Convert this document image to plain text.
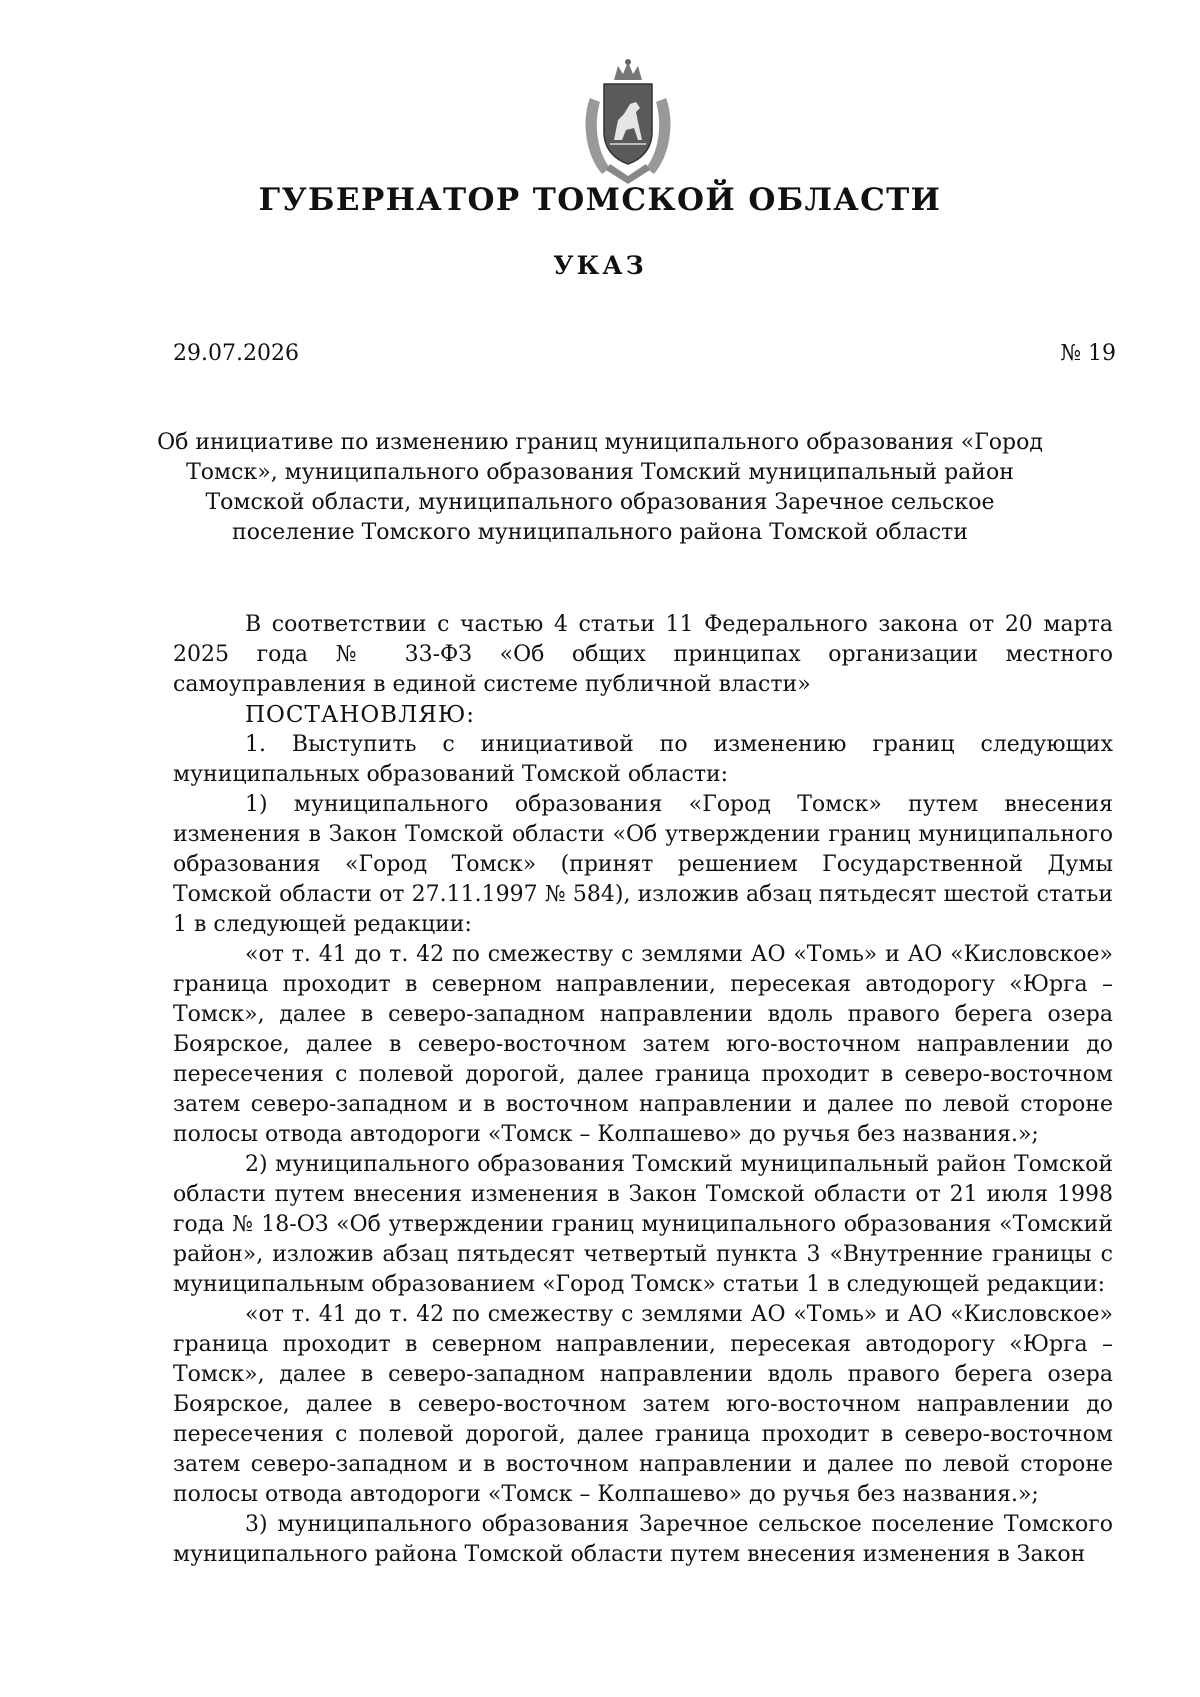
ГУБЕРНАТОР ТОМСКОЙ ОБЛАСТИ
УКАЗ
29.07.2026	№ 19
Об инициативе по изменению границ муниципального образования «Город Томск», муниципального образования Томский муниципальный район Томской области, муниципального образования Заречное сельское поселение Томского муниципального района Томской области

В соответствии с частью 4 статьи 11 Федерального закона от 20 марта 2025 года № 33-ФЗ «Об общих принципах организации местного самоуправления в единой системе публичной власти»

ПОСТАНОВЛЯЮ:

1. Выступить с инициативой по изменению границ следующих муниципальных образований Томской области:

1) муниципального образования «Город Томск» путем внесения изменения в Закон Томской области «Об утверждении границ муниципального образования «Город Томск» (принят решением Государственной Думы Томской области от 27.11.1997 № 584), изложив абзац пятьдесят шестой статьи 1 в следующей редакции:

«от т. 41 до т. 42 по смежеству с землями АО «Томь» и АО «Кисловское» граница проходит в северном направлении, пересекая автодорогу «Юрга – Томск», далее в северо-западном направлении вдоль правого берега озера Боярское, далее в северо-восточном затем юго-восточном направлении до пересечения с полевой дорогой, далее граница проходит в северо-восточном затем северо-западном и в восточном направлении и далее по левой стороне полосы отвода автодороги «Томск – Колпашево» до ручья без названия.»;

2) муниципального образования Томский муниципальный район Томской области путем внесения изменения в Закон Томской области от 21 июля 1998 года № 18-ОЗ «Об утверждении границ муниципального образования «Томский район», изложив абзац пятьдесят четвертый пункта 3 «Внутренние границы с муниципальным образованием «Город Томск» статьи 1 в следующей редакции:

«от т. 41 до т. 42 по смежеству с землями АО «Томь» и АО «Кисловское» граница проходит в северном направлении, пересекая автодорогу «Юрга – Томск», далее в северо-западном направлении вдоль правого берега озера Боярское, далее в северо-восточном затем юго-восточном направлении до пересечения с полевой дорогой, далее граница проходит в северо-восточном затем северо-западном и в восточном направлении и далее по левой стороне полосы отвода автодороги «Томск – Колпашево» до ручья без названия.»;

3) муниципального образования Заречное сельское поселение Томского муниципального района Томской области путем внесения изменения в Закон
